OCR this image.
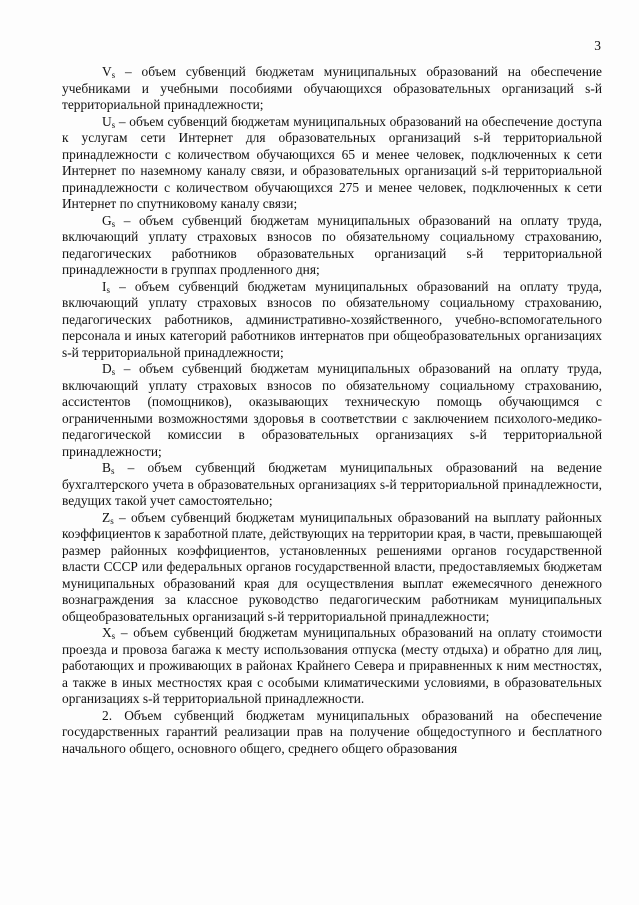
3

$V_s$ – объем субвенций бюджетам муниципальных образований на обеспечение учебниками и учебными пособиями обучающихся образовательных организаций s-й территориальной принадлежности;

$U_s$ – объем субвенций бюджетам муниципальных образований на обеспечение доступа к услугам сети Интернет для образовательных организаций s-й территориальной принадлежности с количеством обучающихся 65 и менее человек, подключенных к сети Интернет по наземному каналу связи, и образовательных организаций s-й территориальной принадлежности с количеством обучающихся 275 и менее человек, подключенных к сети Интернет по спутниковому каналу связи;

$G_s$ – объем субвенций бюджетам муниципальных образований на оплату труда, включающий уплату страховых взносов по обязательному социальному страхованию, педагогических работников образовательных организаций s-й территориальной принадлежности в группах продленного дня;

$I_s$ – объем субвенций бюджетам муниципальных образований на оплату труда, включающий уплату страховых взносов по обязательному социальному страхованию, педагогических работников, административно-хозяйственного, учебно-вспомогательного персонала и иных категорий работников интернатов при общеобразовательных организациях s-й территориальной принадлежности;

$D_s$ – объем субвенций бюджетам муниципальных образований на оплату труда, включающий уплату страховых взносов по обязательному социальному страхованию, ассистентов (помощников), оказывающих техническую помощь обучающимся с ограниченными возможностями здоровья в соответствии с заключением психолого-медико-педагогической комиссии в образовательных организациях s-й территориальной принадлежности;

$B_s$ – объем субвенций бюджетам муниципальных образований на ведение бухгалтерского учета в образовательных организациях s-й территориальной принадлежности, ведущих такой учет самостоятельно;

$Z_s$ – объем субвенций бюджетам муниципальных образований на выплату районных коэффициентов к заработной плате, действующих на территории края, в части, превышающей размер районных коэффициентов, установленных решениями органов государственной власти СССР или федеральных органов государственной власти, предоставляемых бюджетам муниципальных образований края для осуществления выплат ежемесячного денежного вознаграждения за классное руководство педагогическим работникам муниципальных общеобразовательных организаций s-й территориальной принадлежности;

$X_s$ – объем субвенций бюджетам муниципальных образований на оплату стоимости проезда и провоза багажа к месту использования отпуска (месту отдыха) и обратно для лиц, работающих и проживающих в районах Крайнего Севера и приравненных к ним местностях, а также в иных местностях края с особыми климатическими условиями, в образовательных организациях s-й территориальной принадлежности.

2. Объем субвенций бюджетам муниципальных образований на обеспечение государственных гарантий реализации прав на получение общедоступного и бесплатного начального общего, основного общего, среднего общего образования
